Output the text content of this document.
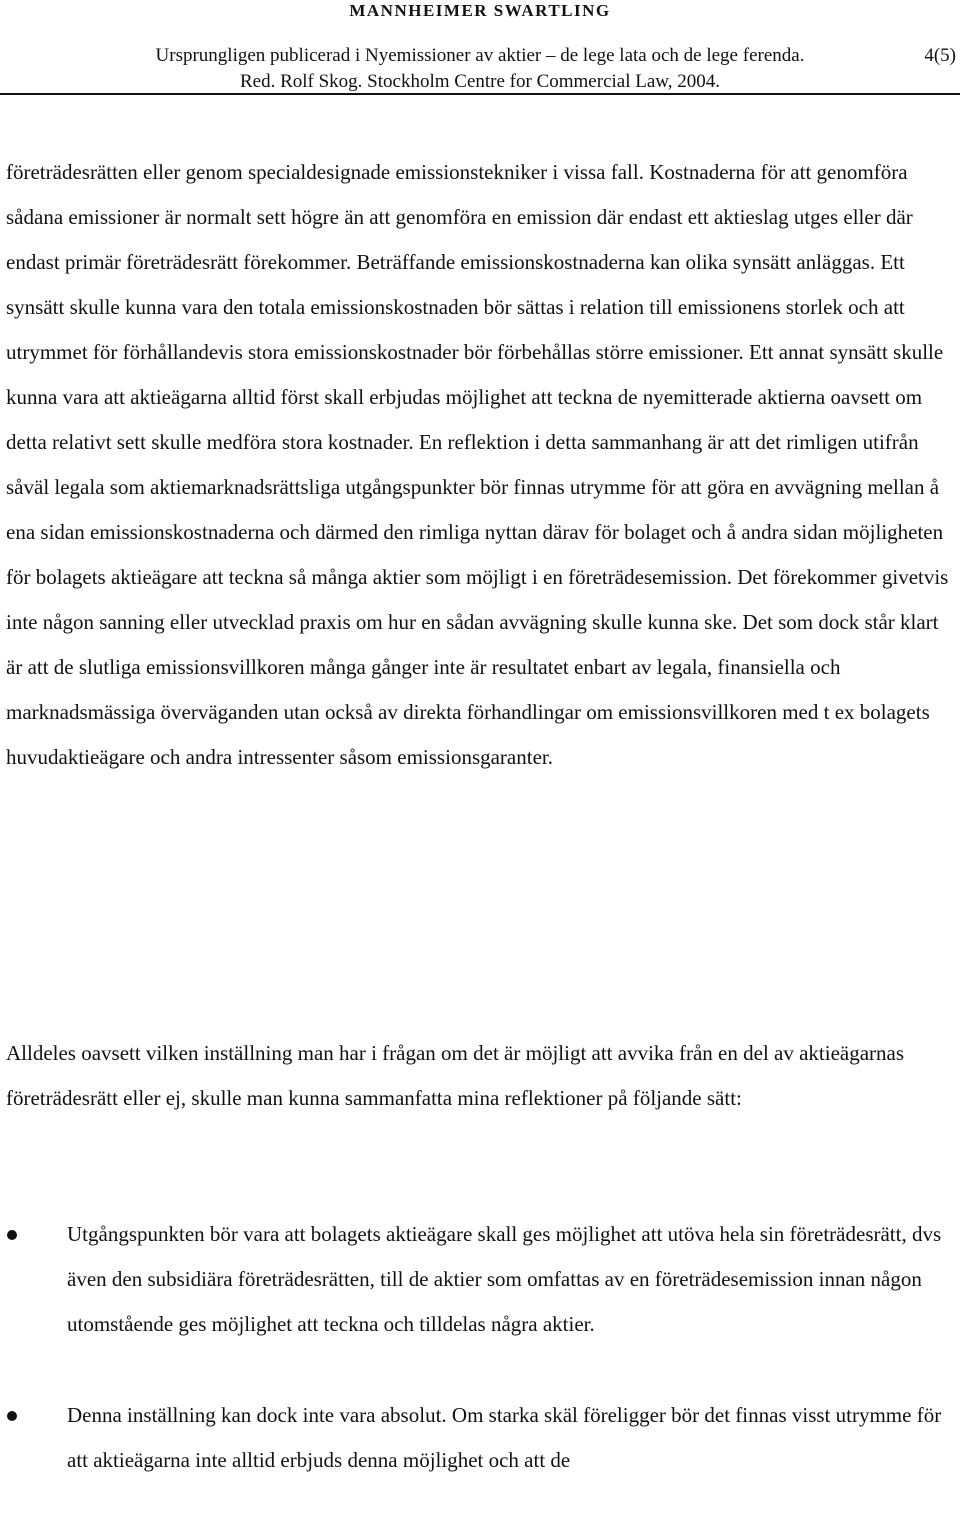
MANNHEIMER SWARTLING
Ursprungligen publicerad i Nyemissioner av aktier – de lege lata och de lege ferenda.	4(5)
Red. Rolf Skog. Stockholm Centre for Commercial Law, 2004.

företrädesrätten eller genom specialdesignade emissionstekniker i vissa fall. Kostnaderna för att genomföra sådana emissioner är normalt sett högre än att genomföra en emission där endast ett aktieslag utges eller där endast primär företrädesrätt förekommer. Beträffande emissionskostnaderna kan olika synsätt anläggas. Ett synsätt skulle kunna vara den totala emissionskostnaden bör sättas i relation till emissionens storlek och att utrymmet för förhållandevis stora emissionskostnader bör förbehållas större emissioner. Ett annat synsätt skulle kunna vara att aktieägarna alltid först skall erbjudas möjlighet att teckna de nyemitterade aktierna oavsett om detta relativt sett skulle medföra stora kostnader. En reflektion i detta sammanhang är att det rimligen utifrån såväl legala som aktiemarknadsrättsliga utgångspunkter bör finnas utrymme för att göra en avvägning mellan å ena sidan emissionskostnaderna och därmed den rimliga nyttan därav för bolaget och å andra sidan möjligheten för bolagets aktieägare att teckna så många aktier som möjligt i en företrädesemission. Det förekommer givetvis inte någon sanning eller utvecklad praxis om hur en sådan avvägning skulle kunna ske. Det som dock står klart är att de slutliga emissionsvillkoren många gånger inte är resultatet enbart av legala, finansiella och marknadsmässiga överväganden utan också av direkta förhandlingar om emissionsvillkoren med t ex bolagets huvudaktieägare och andra intressenter såsom emissionsgaranter.

Alldeles oavsett vilken inställning man har i frågan om det är möjligt att avvika från en del av aktieägarnas företrädesrätt eller ej, skulle man kunna sammanfatta mina reflektioner på följande sätt:

Utgångspunkten bör vara att bolagets aktieägare skall ges möjlighet att utöva hela sin företrädesrätt, dvs även den subsidiära företrädesrätten, till de aktier som omfattas av en företrädesemission innan någon utomstående ges möjlighet att teckna och tilldelas några aktier.
Denna inställning kan dock inte vara absolut. Om starka skäl föreligger bör det finnas visst utrymme för att aktieägarna inte alltid erbjuds denna möjlighet och att de
